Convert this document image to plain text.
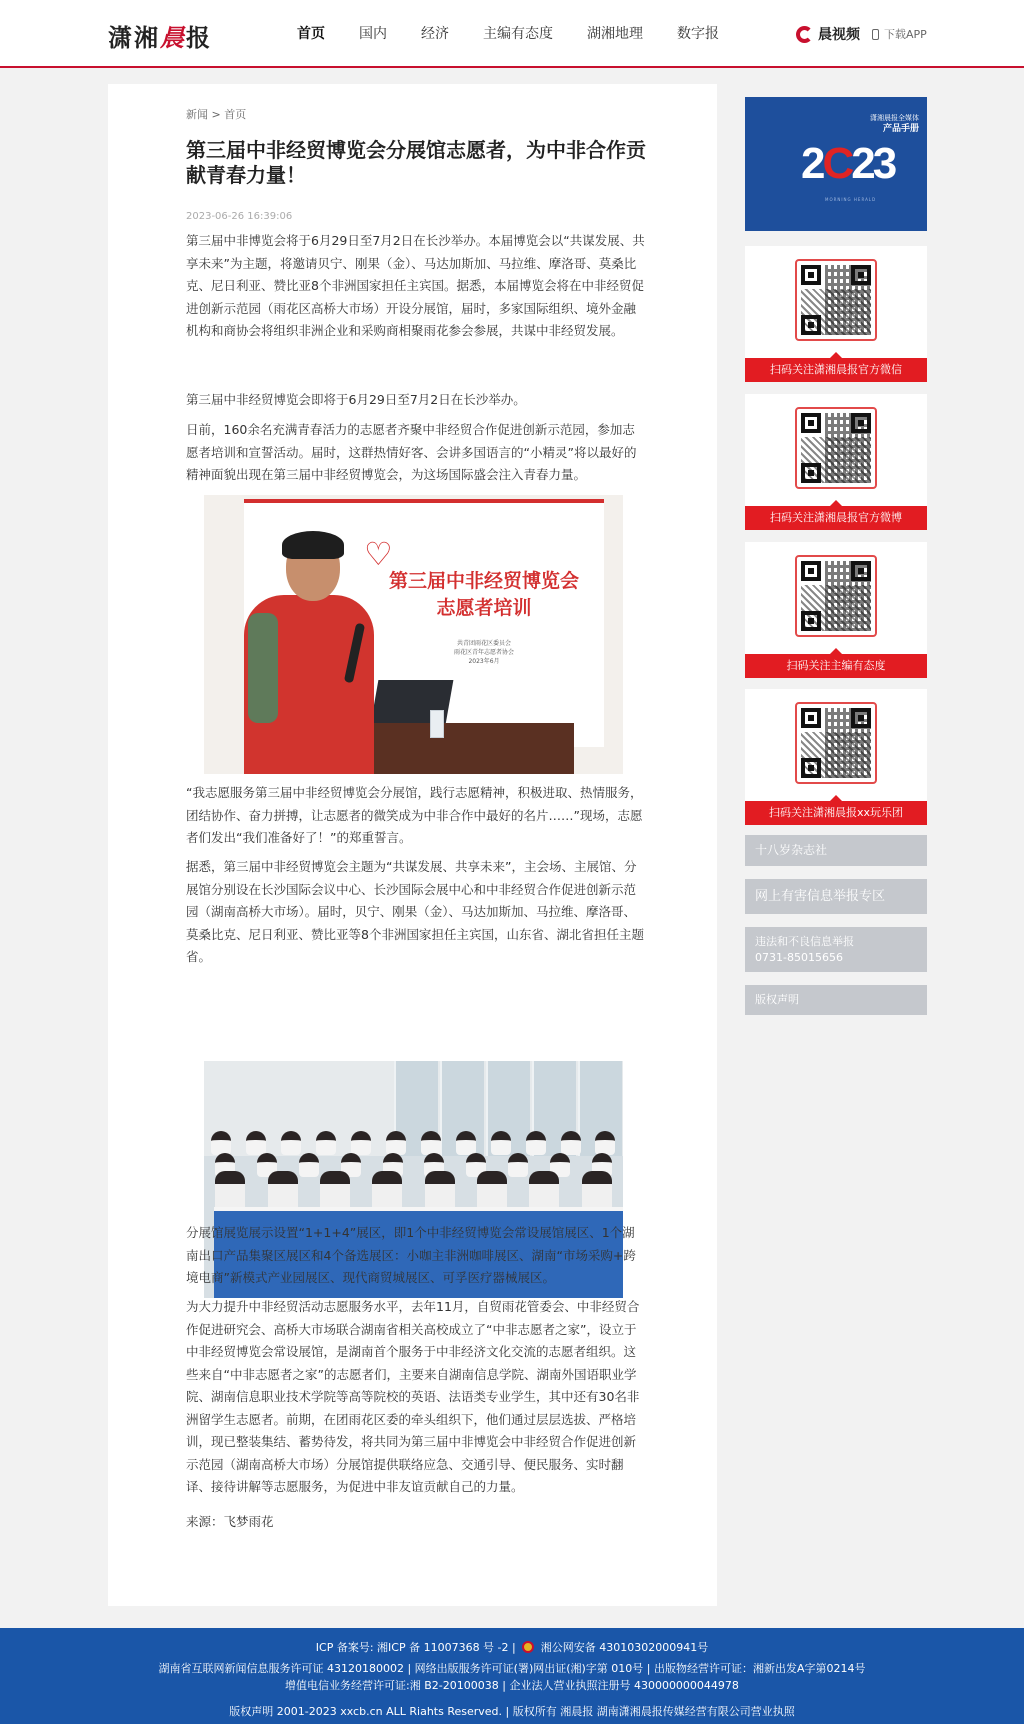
潇湘晨报	首页	国内	经济	主编有态度	湖湘地理	数字报	晨视频 下载APP
新闻 > 首页
第三届中非经贸博览会分展馆志愿者，为中非合作贡献青春力量！
2023-06-26 16:39:06

第三届中非博览会将于6月29日至7月2日在长沙举办。本届博览会以“共谋发展、共享未来”为主题，将邀请贝宁、刚果（金）、马达加斯加、马拉维、摩洛哥、莫桑比克、尼日利亚、赞比亚8个非洲国家担任主宾国。据悉，本届博览会将在中非经贸促进创新示范园（雨花区高桥大市场）开设分展馆，届时，多家国际组织、境外金融机构和商协会将组织非洲企业和采购商相聚雨花参会参展，共谋中非经贸发展。

第三届中非经贸博览会即将于6月29日至7月2日在长沙举办。

日前，160余名充满青春活力的志愿者齐聚中非经贸合作促进创新示范园，参加志愿者培训和宣誓活动。届时，这群热情好客、会讲多国语言的“小精灵”将以最好的精神面貌出现在第三届中非经贸博览会，为这场国际盛会注入青春力量。

♡
第三届中非经贸博览会
志愿者培训
共青团雨花区委员会
雨花区青年志愿者协会
2023年6月

“我志愿服务第三届中非经贸博览会分展馆，践行志愿精神，积极进取、热情服务，团结协作、奋力拼搏，让志愿者的微笑成为中非合作中最好的名片……”现场，志愿者们发出“我们准备好了！”的郑重誓言。

据悉，第三届中非经贸博览会主题为“共谋发展、共享未来”，主会场、主展馆、分展馆分别设在长沙国际会议中心、长沙国际会展中心和中非经贸合作促进创新示范园（湖南高桥大市场）。届时，贝宁、刚果（金）、马达加斯加、马拉维、摩洛哥、莫桑比克、尼日利亚、赞比亚等8个非洲国家担任主宾国，山东省、湖北省担任主题省。

分展馆展览展示设置“1+1+4”展区，即1个中非经贸博览会常设展馆展区、1个湖南出口产品集聚区展区和4个备选展区：小咖主非洲咖啡展区、湖南“市场采购+跨境电商”新模式产业园展区、现代商贸城展区、可孚医疗器械展区。

为大力提升中非经贸活动志愿服务水平，去年11月，自贸雨花管委会、中非经贸合作促进研究会、高桥大市场联合湖南省相关高校成立了“中非志愿者之家”，设立于中非经贸博览会常设展馆，是湖南首个服务于中非经济文化交流的志愿者组织。这些来自“中非志愿者之家”的志愿者们，主要来自湖南信息学院、湖南外国语职业学院、湖南信息职业技术学院等高等院校的英语、法语类专业学生，其中还有30名非洲留学生志愿者。前期，在团雨花区委的牵头组织下，他们通过层层选拔、严格培训，现已整装集结、蓄势待发，将共同为第三届中非博览会中非经贸合作促进创新示范园（湖南高桥大市场）分展馆提供联络应急、交通引导、便民服务、实时翻译、接待讲解等志愿服务，为促进中非友谊贡献自己的力量。

来源：飞梦雨花
潇湘晨报全媒体
产品手册
2C23
MORNING HERALD
扫码关注潇湘晨报官方微信
扫码关注潇湘晨报官方微博
扫码关注主编有态度
扫码关注潇湘晨报xx玩乐团
十八岁杂志社
网上有害信息举报专区
违法和不良信息举报
0731-85015656
版权声明
ICP 备案号: 湘ICP 备 11007368 号 -2 | 湘公网安备 43010302000941号
湖南省互联网新闻信息服务许可证 43120180002 | 网络出版服务许可证(署)网出证(湘)字第 010号 | 出版物经营许可证：湘新出发A字第0214号
增值电信业务经营许可证:湘 B2-20100038 | 企业法人营业执照注册号 430000000044978
版权声明 2001-2023 xxcb.cn ALL Riahts Reserved. | 版权所有 湘晨报 湖南潇湘晨报传媒经营有限公司营业执照
